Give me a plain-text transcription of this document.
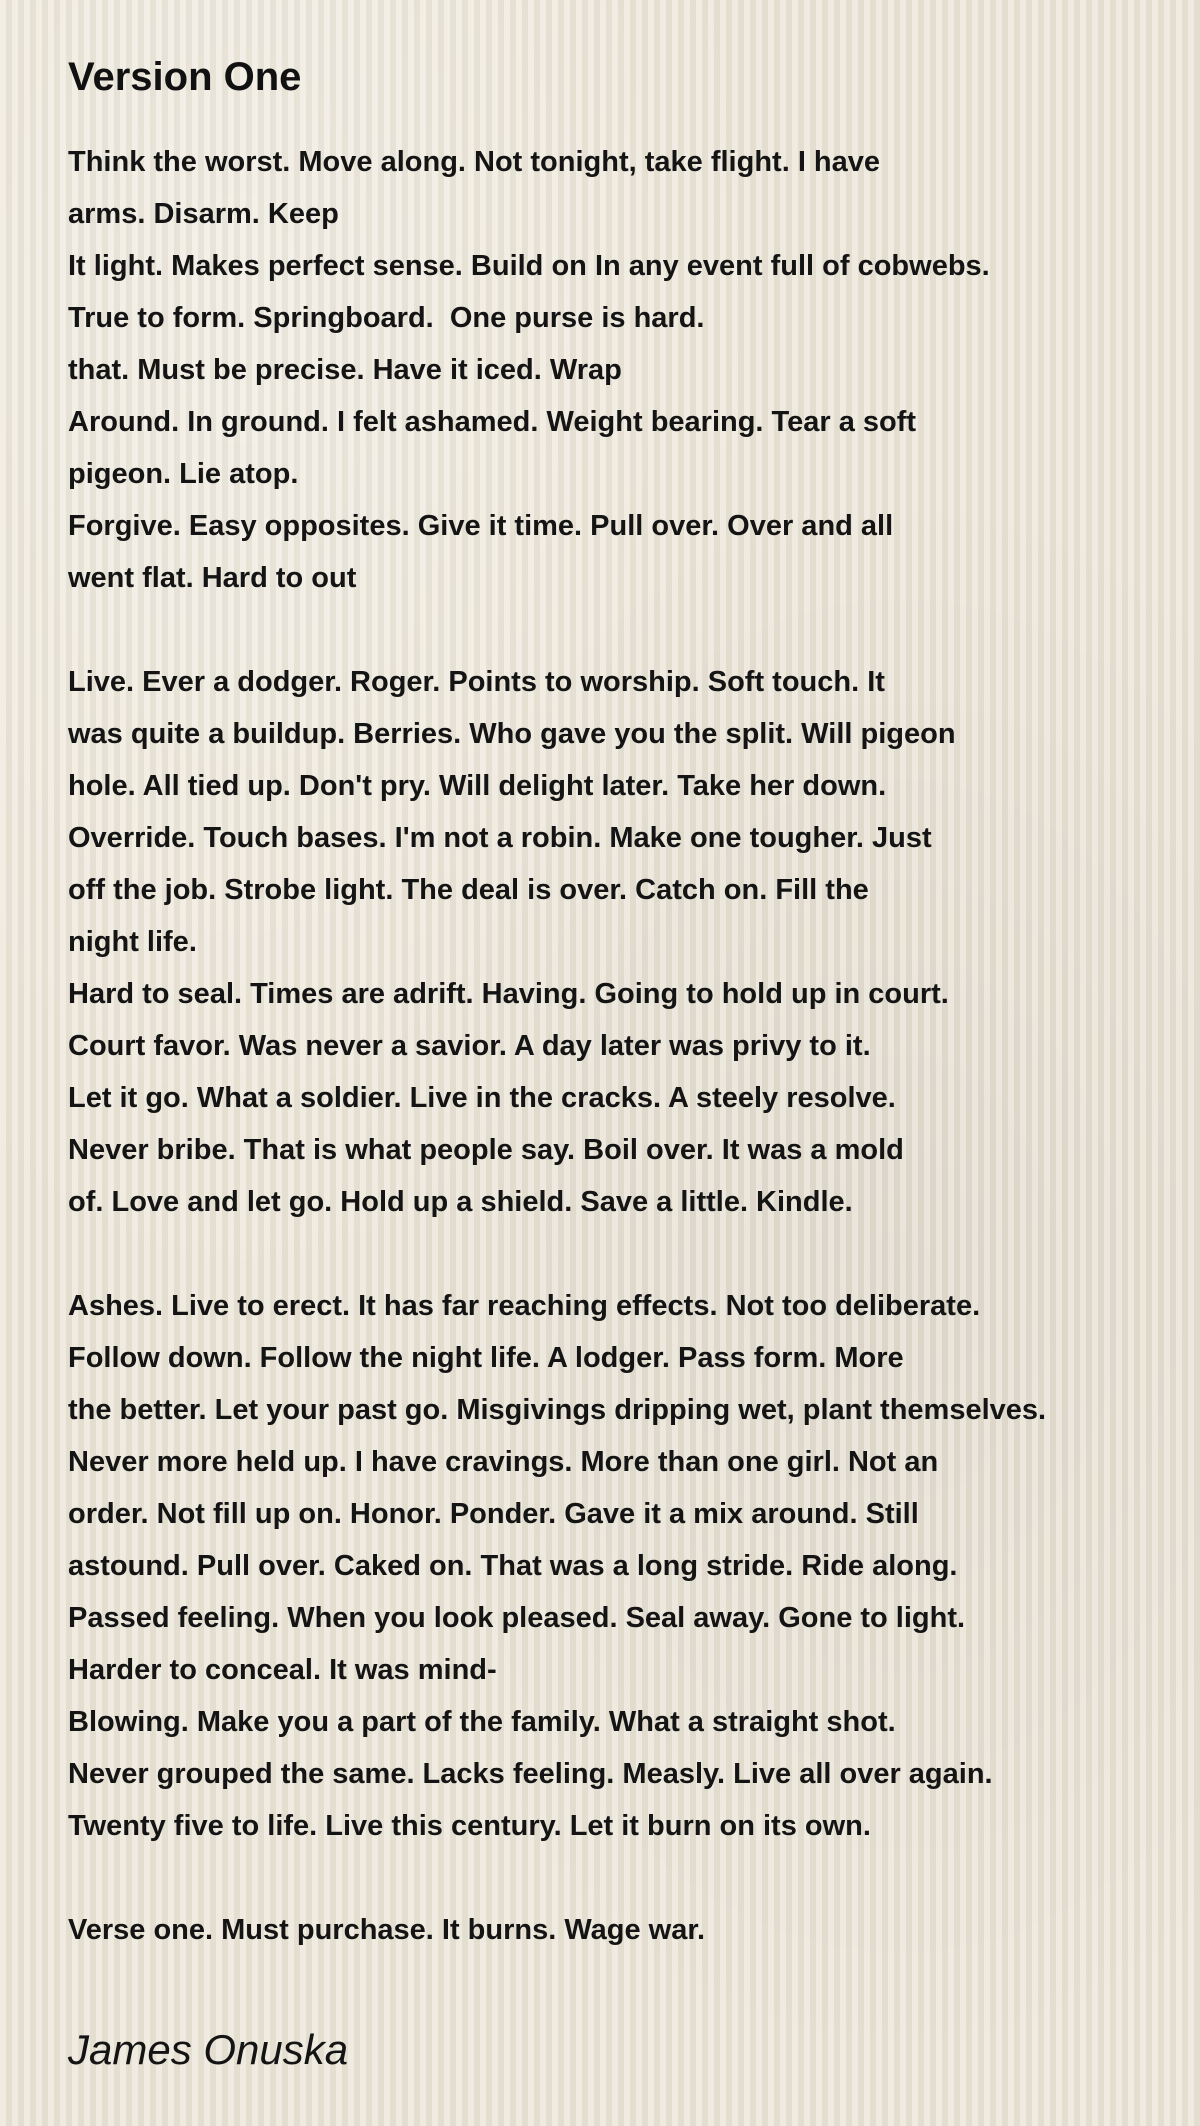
Version One

Think the worst. Move along. Not tonight, take flight. I have
arms. Disarm. Keep
It light. Makes perfect sense. Build on In any event full of cobwebs.
True to form. Springboard.  One purse is hard.
that. Must be precise. Have it iced. Wrap
Around. In ground. I felt ashamed. Weight bearing. Tear a soft
pigeon. Lie atop.
Forgive. Easy opposites. Give it time. Pull over. Over and all
went flat. Hard to out

Live. Ever a dodger. Roger. Points to worship. Soft touch. It
was quite a buildup. Berries. Who gave you the split. Will pigeon
hole. All tied up. Don't pry. Will delight later. Take her down.
Override. Touch bases. I'm not a robin. Make one tougher. Just
off the job. Strobe light. The deal is over. Catch on. Fill the
night life.
Hard to seal. Times are adrift. Having. Going to hold up in court.
Court favor. Was never a savior. A day later was privy to it.
Let it go. What a soldier. Live in the cracks. A steely resolve.
Never bribe. That is what people say. Boil over. It was a mold
of. Love and let go. Hold up a shield. Save a little. Kindle.

Ashes. Live to erect. It has far reaching effects. Not too deliberate.
Follow down. Follow the night life. A lodger. Pass form. More
the better. Let your past go. Misgivings dripping wet, plant themselves.
Never more held up. I have cravings. More than one girl. Not an
order. Not fill up on. Honor. Ponder. Gave it a mix around. Still
astound. Pull over. Caked on. That was a long stride. Ride along.
Passed feeling. When you look pleased. Seal away. Gone to light.
Harder to conceal. It was mind-
Blowing. Make you a part of the family. What a straight shot.
Never grouped the same. Lacks feeling. Measly. Live all over again.
Twenty five to life. Live this century. Let it burn on its own.

Verse one. Must purchase. It burns. Wage war.

James Onuska
